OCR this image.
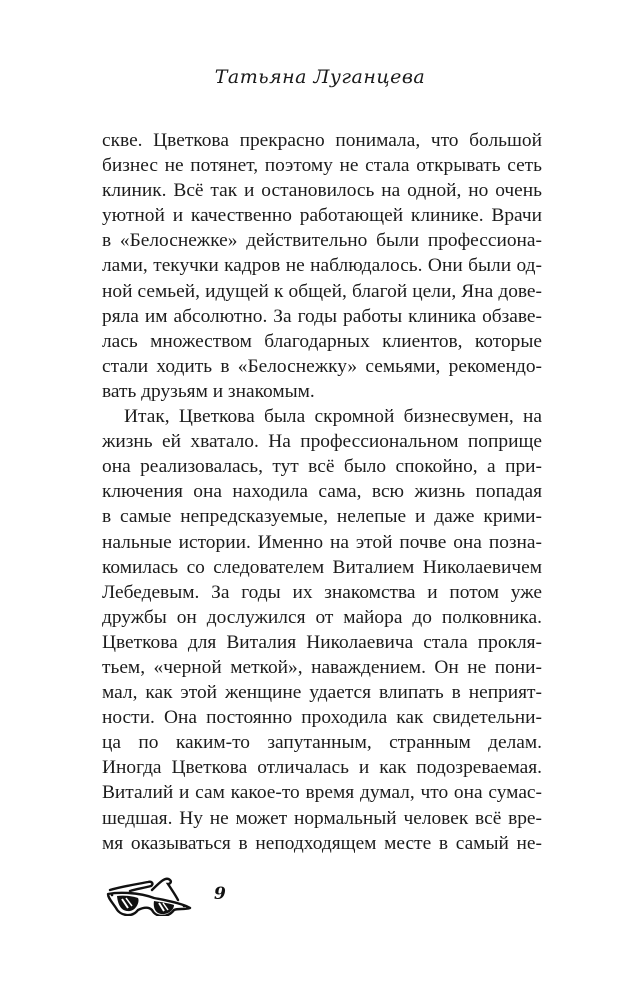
Татьяна Луганцева
скве. Цветкова прекрасно понимала, что большой
бизнес не потянет, поэтому не стала открывать сеть
клиник. Всё так и остановилось на одной, но очень
уютной и качественно работающей клинике. Врачи
в «Белоснежке» действительно были профессиона-
лами, текучки кадров не наблюдалось. Они были од-
ной семьей, идущей к общей, благой цели, Яна дове-
ряла им абсолютно. За годы работы клиника обзаве-
лась множеством благодарных клиентов, которые
стали ходить в «Белоснежку» семьями, рекомендо-
вать друзьям и знакомым.
Итак, Цветкова была скромной бизнесвумен, на
жизнь ей хватало. На профессиональном поприще
она реализовалась, тут всё было спокойно, а при-
ключения она находила сама, всю жизнь попадая
в самые непредсказуемые, нелепые и даже крими-
нальные истории. Именно на этой почве она позна-
комилась со следователем Виталием Николаевичем
Лебедевым. За годы их знакомства и потом уже
дружбы он дослужился от майора до полковника.
Цветкова для Виталия Николаевича стала прокля-
тьем, «черной меткой», наваждением. Он не пони-
мал, как этой женщине удается влипать в неприят-
ности. Она постоянно проходила как свидетельни-
ца по каким-то запутанным, странным делам.
Иногда Цветкова отличалась и как подозреваемая.
Виталий и сам какое-то время думал, что она сумас-
шедшая. Ну не может нормальный человек всё вре-
мя оказываться в неподходящем месте в самый не-
9
